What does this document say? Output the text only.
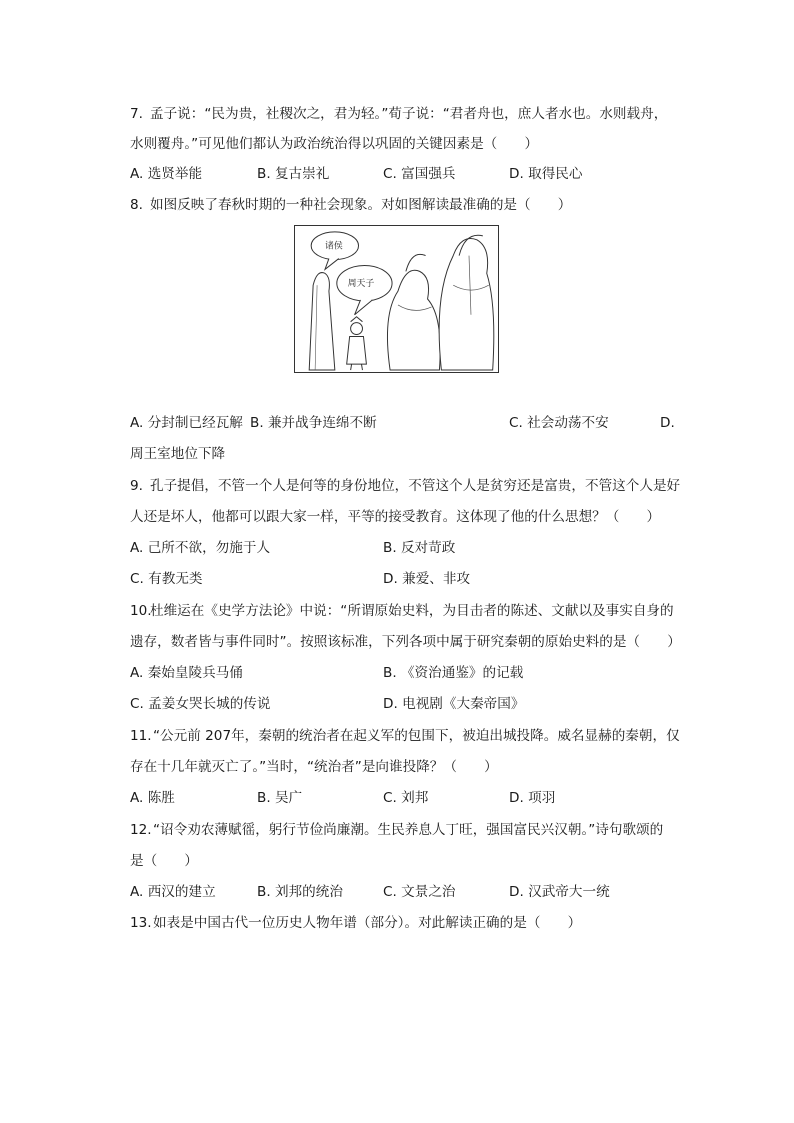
7. 孟子说：“民为贵，社稷次之，君为轻。”荀子说：“君者舟也，庶人者水也。水则载舟，
水则覆舟。”可见他们都认为政治统治得以巩固的关键因素是（　　）
A. 选贤举能	B. 复古崇礼	C. 富国强兵	D. 取得民心
8. 如图反映了春秋时期的一种社会现象。对如图解读最准确的是（　　）
诸侯
周天子
A. 分封制已经瓦解 B. 兼并战争连绵不断	C. 社会动荡不安	D.
周王室地位下降
9. 孔子提倡，不管一个人是何等的身份地位，不管这个人是贫穷还是富贵，不管这个人是好
人还是坏人，他都可以跟大家一样，平等的接受教育。这体现了他的什么思想？（　　）
A. 己所不欲，勿施于人	B. 反对苛政
C. 有教无类	D. 兼爱、非攻
10.
杜维运在《史学方法论》中说：“所谓原始史料，为目击者的陈述、文献以及事实自身的
遗存，数者皆与事件同时”。按照该标准，下列各项中属于研究秦朝的原始史料的是（　　）
A. 秦始皇陵兵马俑	B. 《资治通鉴》的记载
C. 孟姜女哭长城的传说	D. 电视剧《大秦帝国》
11. “公元前 207年，秦朝的统治者在起义军的包围下，被迫出城投降。威名显赫的秦朝，仅
存在十几年就灭亡了。”当时，“统治者”是向谁投降？（　　）
A. 陈胜	B. 吴广	C. 刘邦	D. 项羽
12. “诏令劝农薄赋徭，躬行节俭尚廉潮。生民养息人丁旺，强国富民兴汉朝。”诗句歌颂的
是（　　）
A. 西汉的建立	B. 刘邦的统治	C. 文景之治	D. 汉武帝大一统
13. 如表是中国古代一位历史人物年谱（部分）。对此解读正确的是（　　）
